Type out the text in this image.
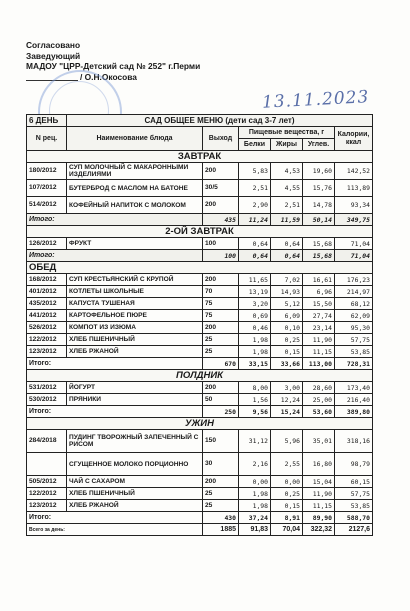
Согласовано
Заведующий
МАДОУ "ЦРР-Детский сад № 252" г.Перми
/ О.Н.Окосова
13.11.2023
6 ДЕНЬ	САД ОБЩЕЕ МЕНЮ (дети сад 3-7 лет)					
N рец.	Наименование блюда	Выход	Пищевые вещества, г			Калории, ккал
			Белки	Жиры	Углев.	
ЗАВТРАК						
180/2012	СУП МОЛОЧНЫЙ С МАКАРОННЫМИ ИЗДЕЛИЯМИ	200	5,83	4,53	19,60	142,52
107/2012	БУТЕРБРОД С МАСЛОМ НА БАТОНЕ	30/5	2,51	4,55	15,76	113,89
514/2012	КОФЕЙНЫЙ НАПИТОК С МОЛОКОМ	200	2,90	2,51	14,78	93,34
Итого:		435	11,24	11,59	50,14	349,75
2-ОЙ ЗАВТРАК						
126/2012	ФРУКТ	100	0,64	0,64	15,68	71,04
Итого:		100	0,64	0,64	15,68	71,04
ОБЕД						
168/2012	СУП КРЕСТЬЯНСКИЙ С КРУПОЙ	200	11,65	7,02	16,61	176,23
401/2012	КОТЛЕТЫ ШКОЛЬНЫЕ	70	13,19	14,93	6,96	214,97
435/2012	КАПУСТА ТУШЕНАЯ	75	3,20	5,12	15,50	68,12
441/2012	КАРТОФЕЛЬНОЕ ПЮРЕ	75	0,69	6,09	27,74	62,09
526/2012	КОМПОТ ИЗ ИЗЮМА	200	0,46	0,10	23,14	95,30
122/2012	ХЛЕБ ПШЕНИЧНЫЙ	25	1,98	0,25	11,90	57,75
123/2012	ХЛЕБ РЖАНОЙ	25	1,98	0,15	11,15	53,85
Итого:		670	33,15	33,66	113,00	728,31
ПОЛДНИК						
531/2012	ЙОГУРТ	200	8,00	3,00	28,60	173,40
530/2012	ПРЯНИКИ	50	1,56	12,24	25,00	216,40
Итого:		250	9,56	15,24	53,60	389,80
УЖИН						
284/2018	ПУДИНГ ТВОРОЖНЫЙ ЗАПЕЧЕННЫЙ С РИСОМ	150	31,12	5,96	35,01	318,16
	СГУЩЕННОЕ МОЛОКО ПОРЦИОННО	30	2,16	2,55	16,80	98,79
505/2012	ЧАЙ С САХАРОМ	200	0,00	0,00	15,04	60,15
122/2012	ХЛЕБ ПШЕНИЧНЫЙ	25	1,98	0,25	11,90	57,75
123/2012	ХЛЕБ РЖАНОЙ	25	1,98	0,15	11,15	53,85
Итого:		430	37,24	8,91	89,90	588,70
Всего за день:		1885	91,83	70,04	322,32	2127,6
